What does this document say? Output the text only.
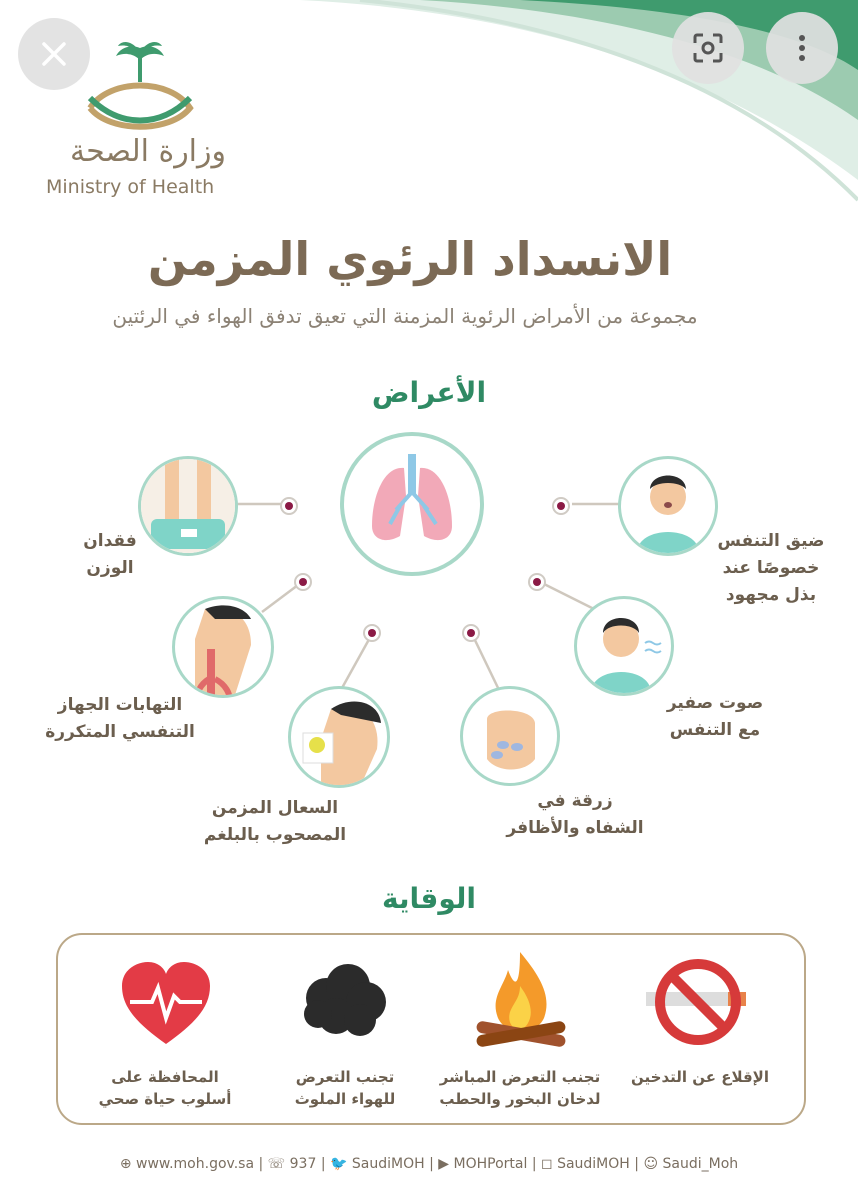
وزارة الصحة
Ministry of Health
الانسداد الرئوي المزمن
مجموعة من الأمراض الرئوية المزمنة التي تعيق تدفق الهواء في الرئتين
الأعراض
فقدان
الوزن
ضيق التنفس
خصوصًا عند
بذل مجهود
التهابات الجهاز
التنفسي المتكررة
صوت صفير
مع التنفس
السعال المزمن
المصحوب بالبلغم
زرقة في
الشفاه والأظافر
الوقاية
الإقلاع عن التدخين
تجنب التعرض المباشر
لدخان البخور والحطب
تجنب التعرض
للهواء الملوث
المحافظة على
أسلوب حياة صحي
⊕ www.moh.gov.sa | ☏ 937 | 🐦 SaudiMOH | ▶ MOHPortal | ◻ SaudiMOH | ☺ Saudi_Moh
